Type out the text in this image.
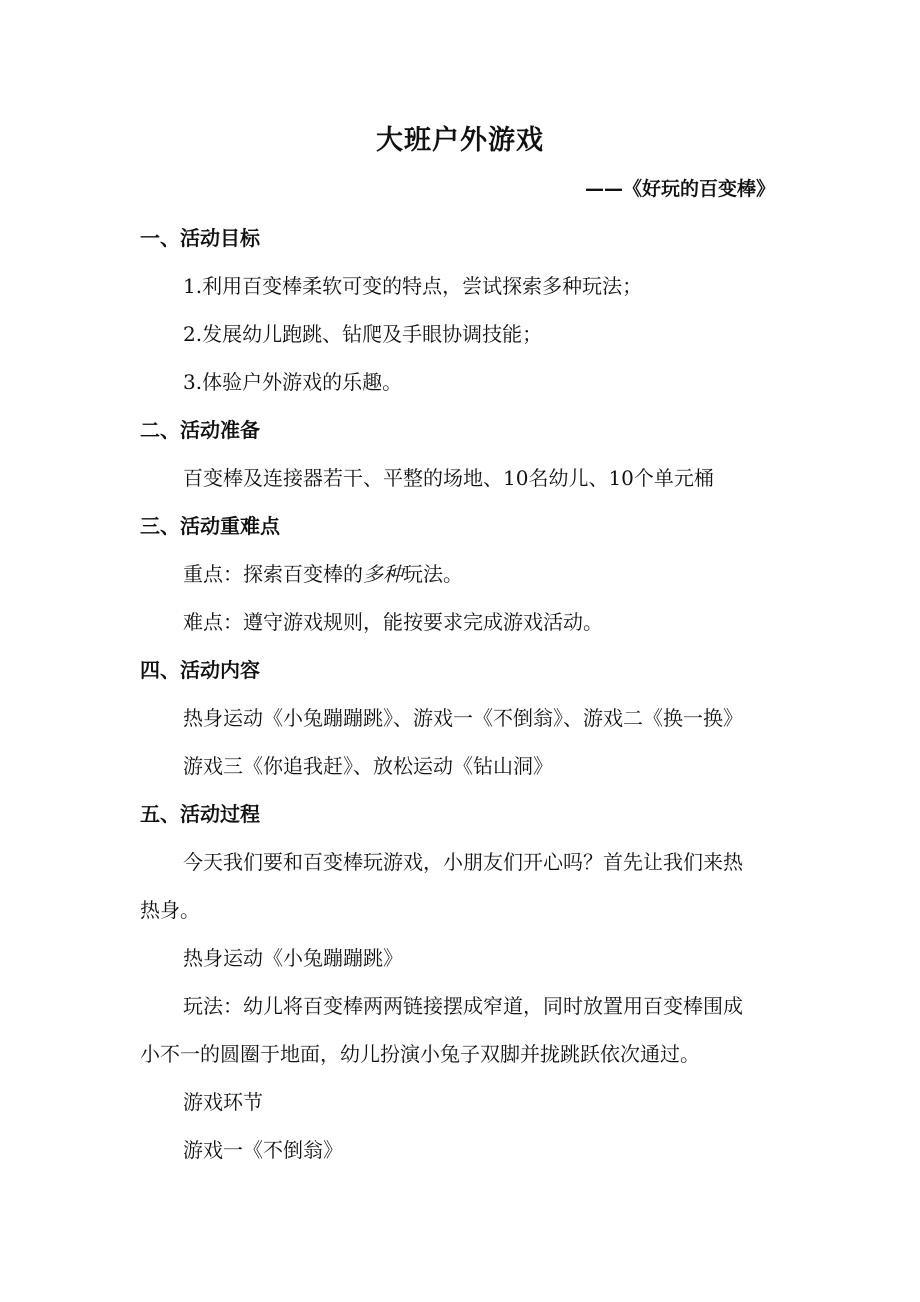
大班户外游戏
——《好玩的百变棒》
一、活动目标
1.利用百变棒柔软可变的特点，尝试探索多种玩法；
2.发展幼儿跑跳、钻爬及手眼协调技能；
3.体验户外游戏的乐趣。
二、活动准备
百变棒及连接器若干、平整的场地、10名幼儿、10个单元桶
三、活动重难点
重点：探索百变棒的多种玩法。
难点：遵守游戏规则，能按要求完成游戏活动。
四、活动内容
热身运动《小兔蹦蹦跳》、游戏一《不倒翁》、游戏二《换一换》
游戏三《你追我赶》、放松运动《钻山洞》
五、活动过程
今天我们要和百变棒玩游戏，小朋友们开心吗？首先让我们来热
热身。
热身运动《小兔蹦蹦跳》
玩法：幼儿将百变棒两两链接摆成窄道，同时放置用百变棒围成
小不一的圆圈于地面，幼儿扮演小兔子双脚并拢跳跃依次通过。
游戏环节
游戏一《不倒翁》
